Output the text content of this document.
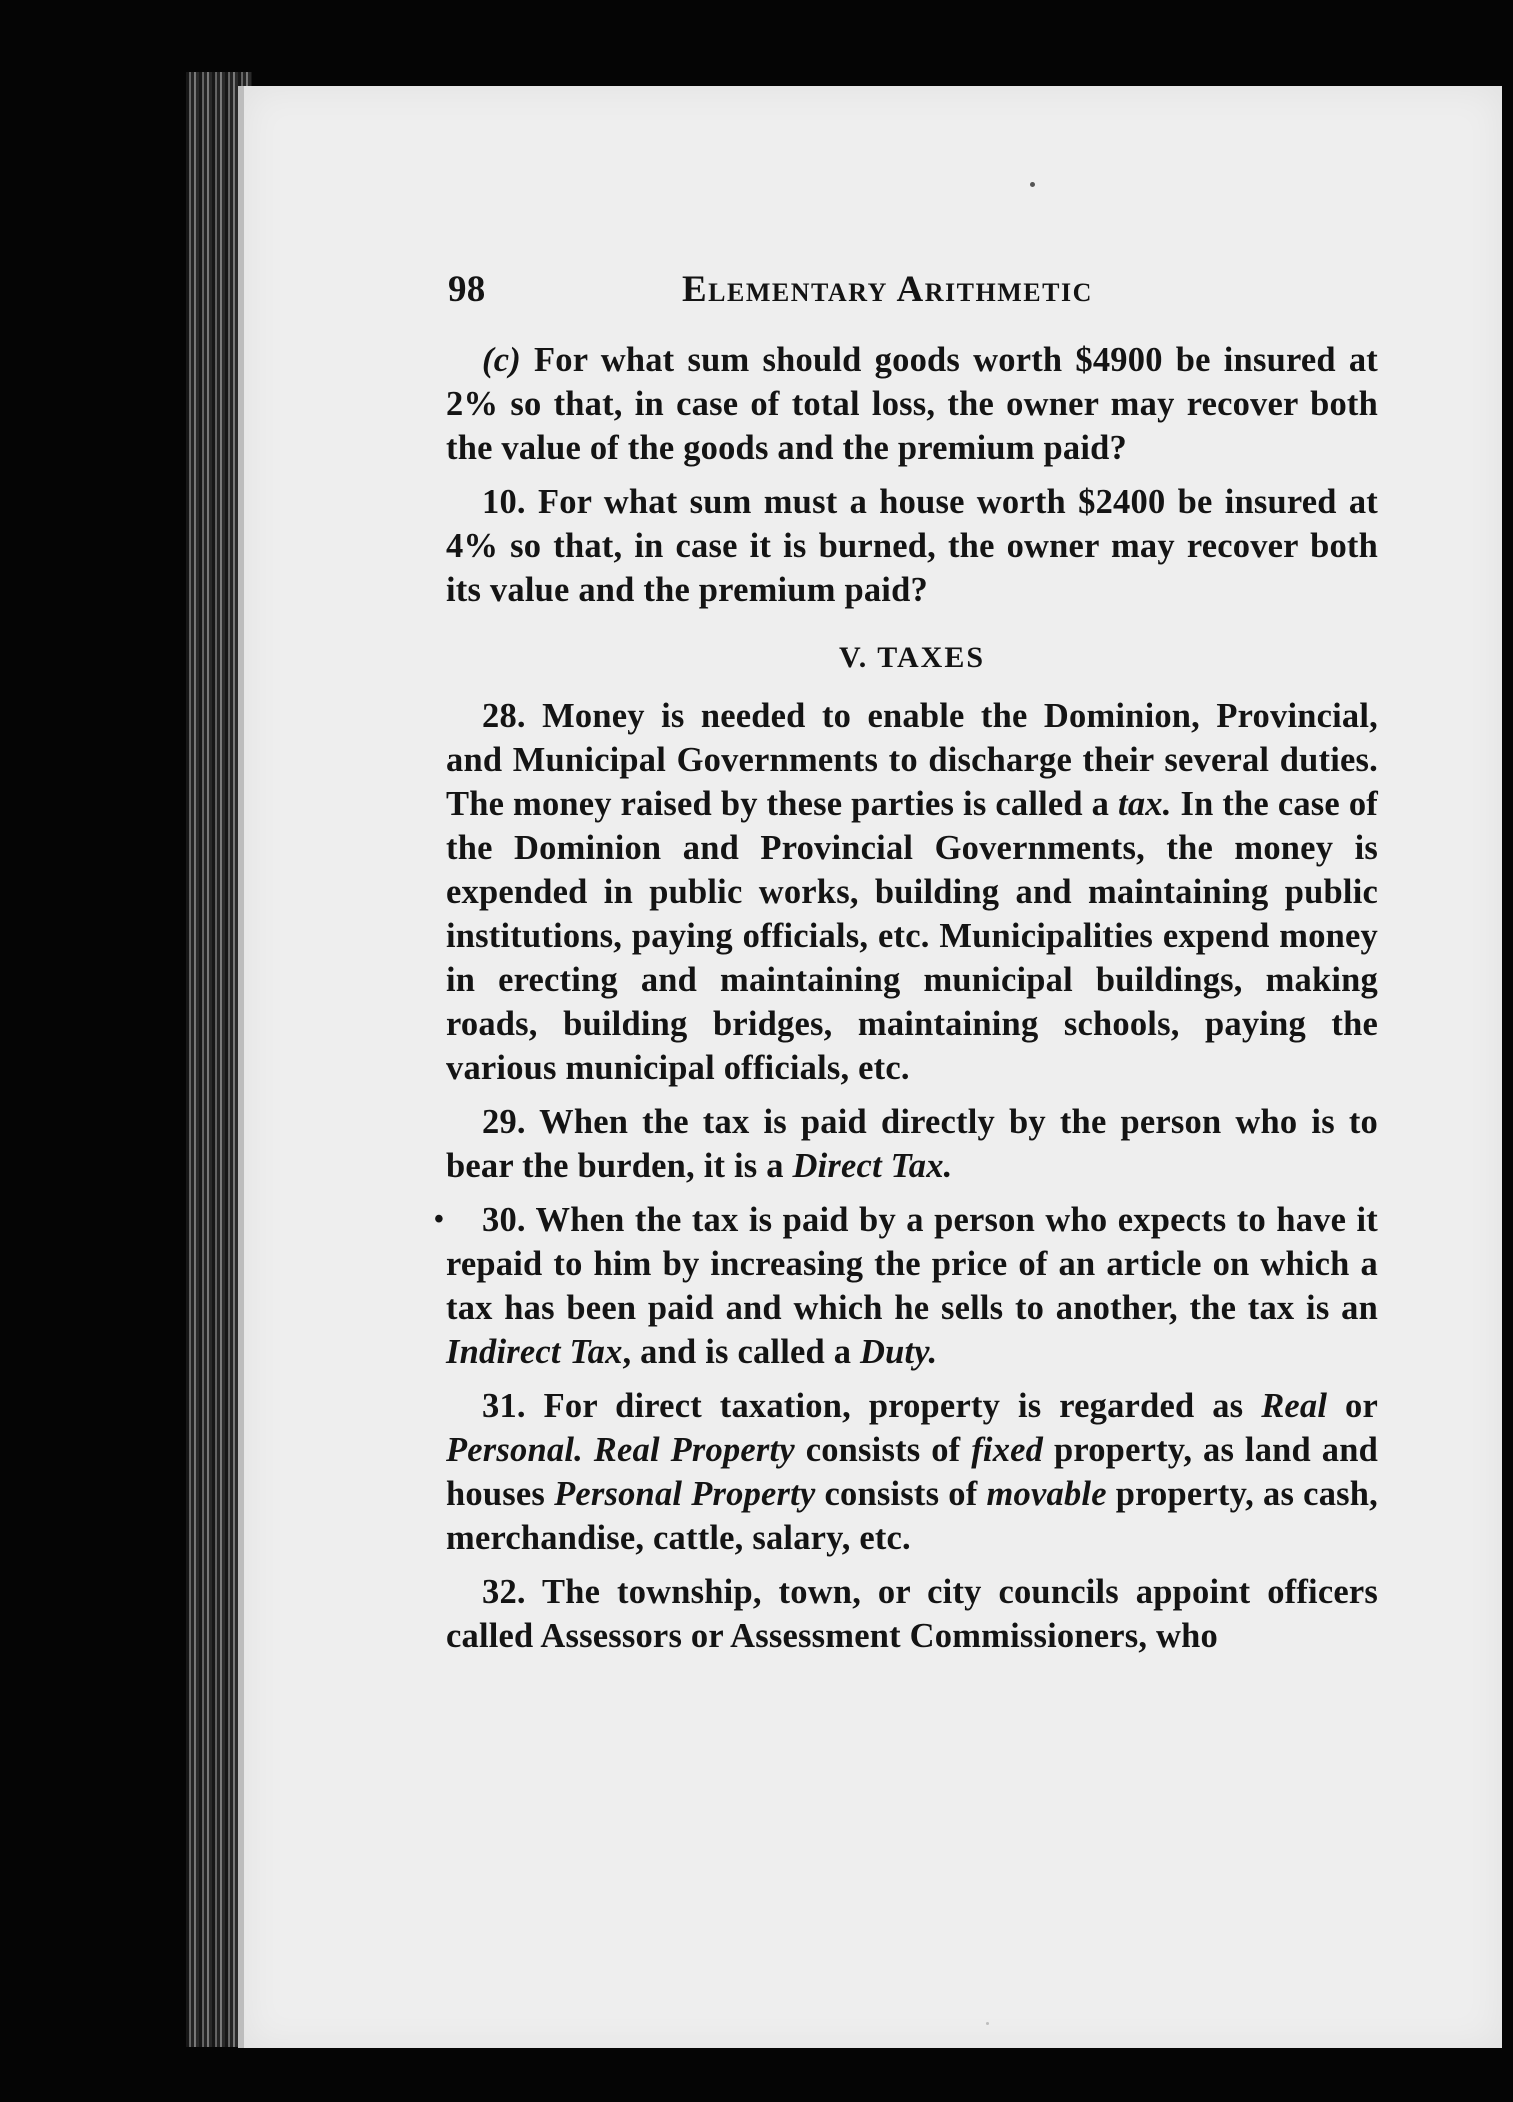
98	Elementary Arithmetic

(c) For what sum should goods worth $4900 be insured at 2% so that, in case of total loss, the owner may recover both the value of the goods and the premium paid?

10. For what sum must a house worth $2400 be insured at 4% so that, in case it is burned, the owner may recover both its value and the premium paid?

V. TAXES

28. Money is needed to enable the Dominion, Provincial, and Municipal Governments to discharge their several duties. The money raised by these parties is called a tax. In the case of the Dominion and Provincial Governments, the money is expended in public works, building and maintaining public institutions, paying officials, etc. Municipalities expend money in erecting and maintaining municipal buildings, making roads, building bridges, maintaining schools, paying the various municipal officials, etc.

29. When the tax is paid directly by the person who is to bear the burden, it is a Direct Tax.

• 30. When the tax is paid by a person who expects to have it repaid to him by increasing the price of an article on which a tax has been paid and which he sells to another, the tax is an Indirect Tax, and is called a Duty.

31. For direct taxation, property is regarded as Real or Personal. Real Property consists of fixed property, as land and houses Personal Property consists of movable property, as cash, merchandise, cattle, salary, etc.

32. The township, town, or city councils appoint officers called Assessors or Assessment Commissioners, who
